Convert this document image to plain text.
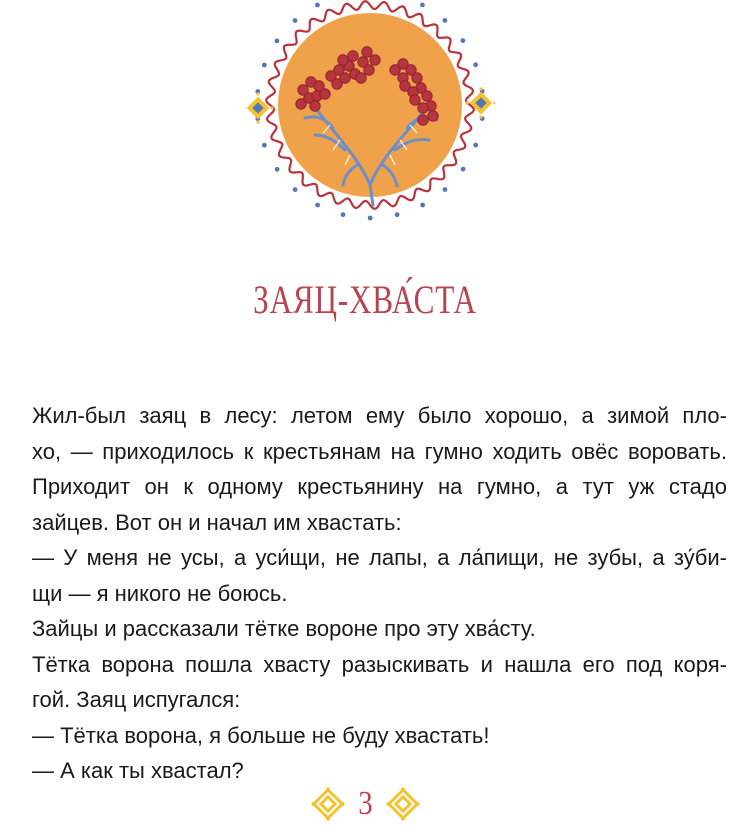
ЗАЯЦ-ХВА́СТА
Жил-был заяц в лесу: летом ему было хорошо, а зимой пло-
хо, — приходилось к крестьянам на гумно ходить овёс воровать.
Приходит он к одному крестьянину на гумно, а тут уж стадо
зайцев. Вот он и начал им хвастать:
— У меня не усы, а уси́щи, не лапы, а ла́пищи, не зубы, а зу́би-
щи — я никого не боюсь.
Зайцы и рассказали тётке вороне про эту хва́сту.
Тётка ворона пошла хвасту разыскивать и нашла его под коря-
гой. Заяц испугался:
— Тётка ворона, я больше не буду хвастать!
— А как ты хвастал?
3
